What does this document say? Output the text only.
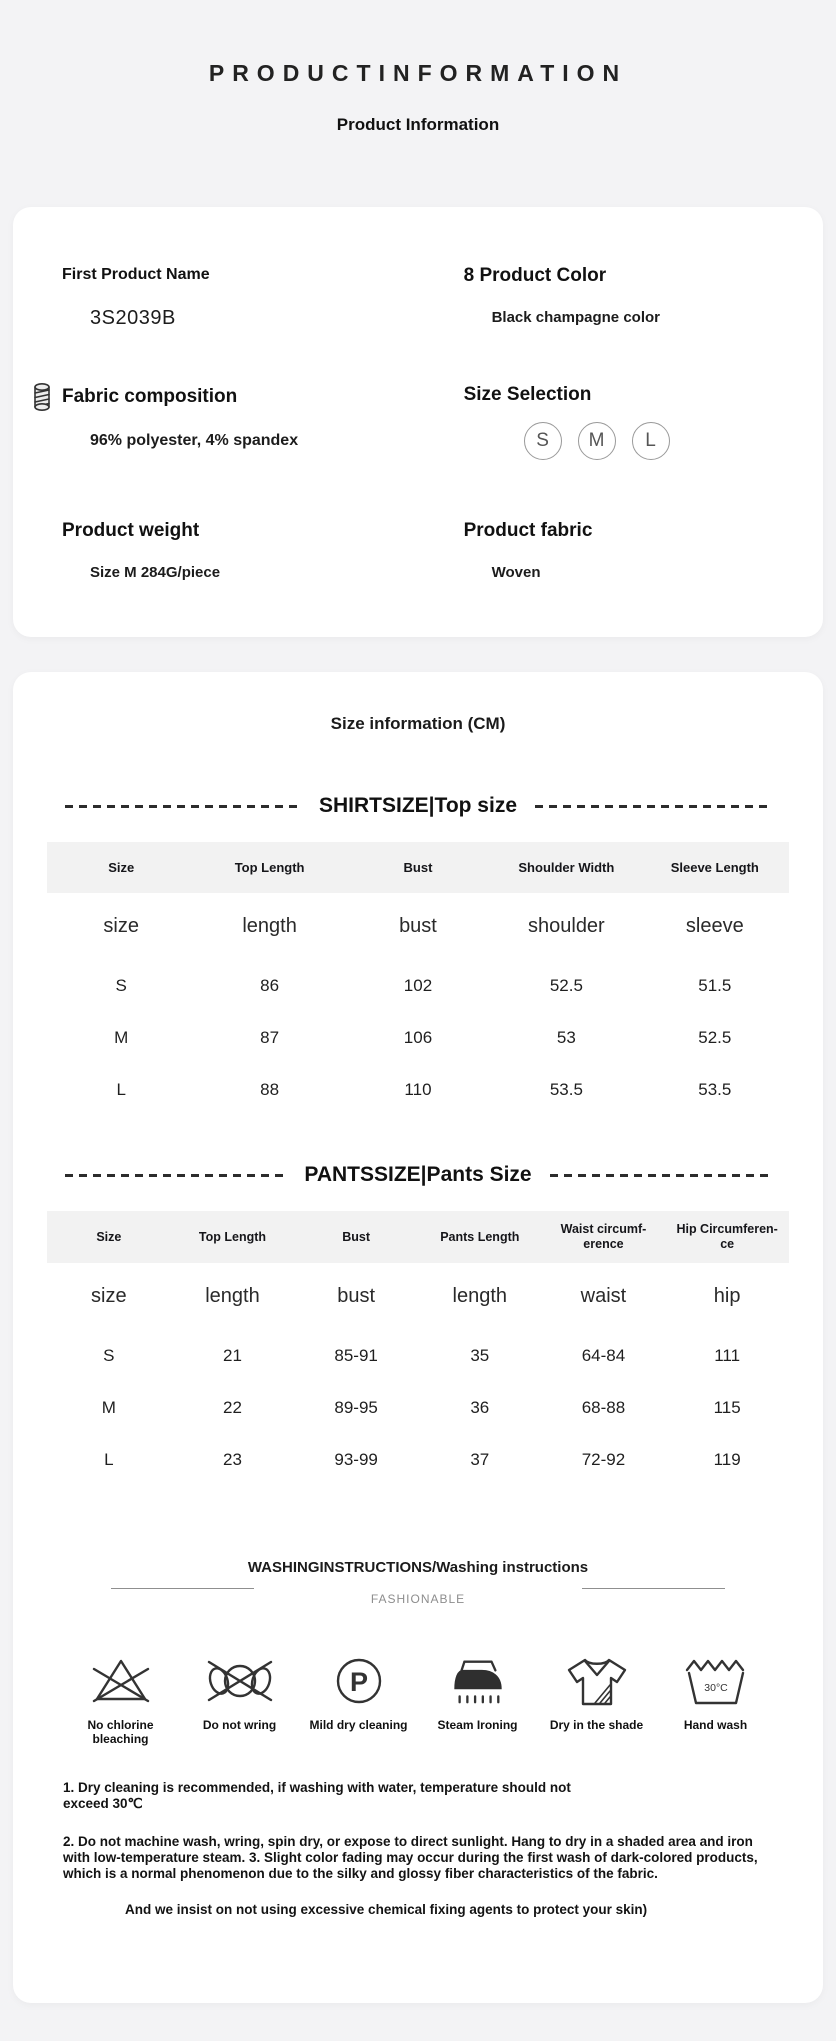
PRODUCTINFORMATION
Product Information
First Product Name
3S2039B
8 Product Color
Black champagne color
Fabric composition
96% polyester, 4% spandex
Size Selection
S	M	L
Product weight
Size M 284G/piece
Product fabric
Woven
Size information (CM)
SHIRTSIZE|Top size
Size	Top Length	Bust	Shoulder Width	Sleeve Length
size	length	bust	shoulder	sleeve
S	86	102	52.5	51.5
M	87	106	53	52.5
L	88	110	53.5	53.5
PANTSSIZE|Pants Size
Size	Top Length	Bust	Pants Length	Waist circumf-erence	Hip Circumferen-ce
size	length	bust	length	waist	hip
S	21	85-91	35	64-84	111
M	22	89-95	36	68-88	115
L	23	93-99	37	72-92	119
WASHINGINSTRUCTIONS/Washing instructions
FASHIONABLE
No chlorine bleaching
Do not wring
P
Mild dry cleaning Steam Ironing	Dry in the shade
30°C
Hand wash

1. Dry cleaning is recommended, if washing with water, temperature should not exceed 30℃

2. Do not machine wash, wring, spin dry, or expose to direct sunlight. Hang to dry in a shaded area and iron with low-temperature steam. 3. Slight color fading may occur during the first wash of dark-colored products, which is a normal phenomenon due to the silky and glossy fiber characteristics of the fabric.

And we insist on not using excessive chemical fixing agents to protect your skin)
